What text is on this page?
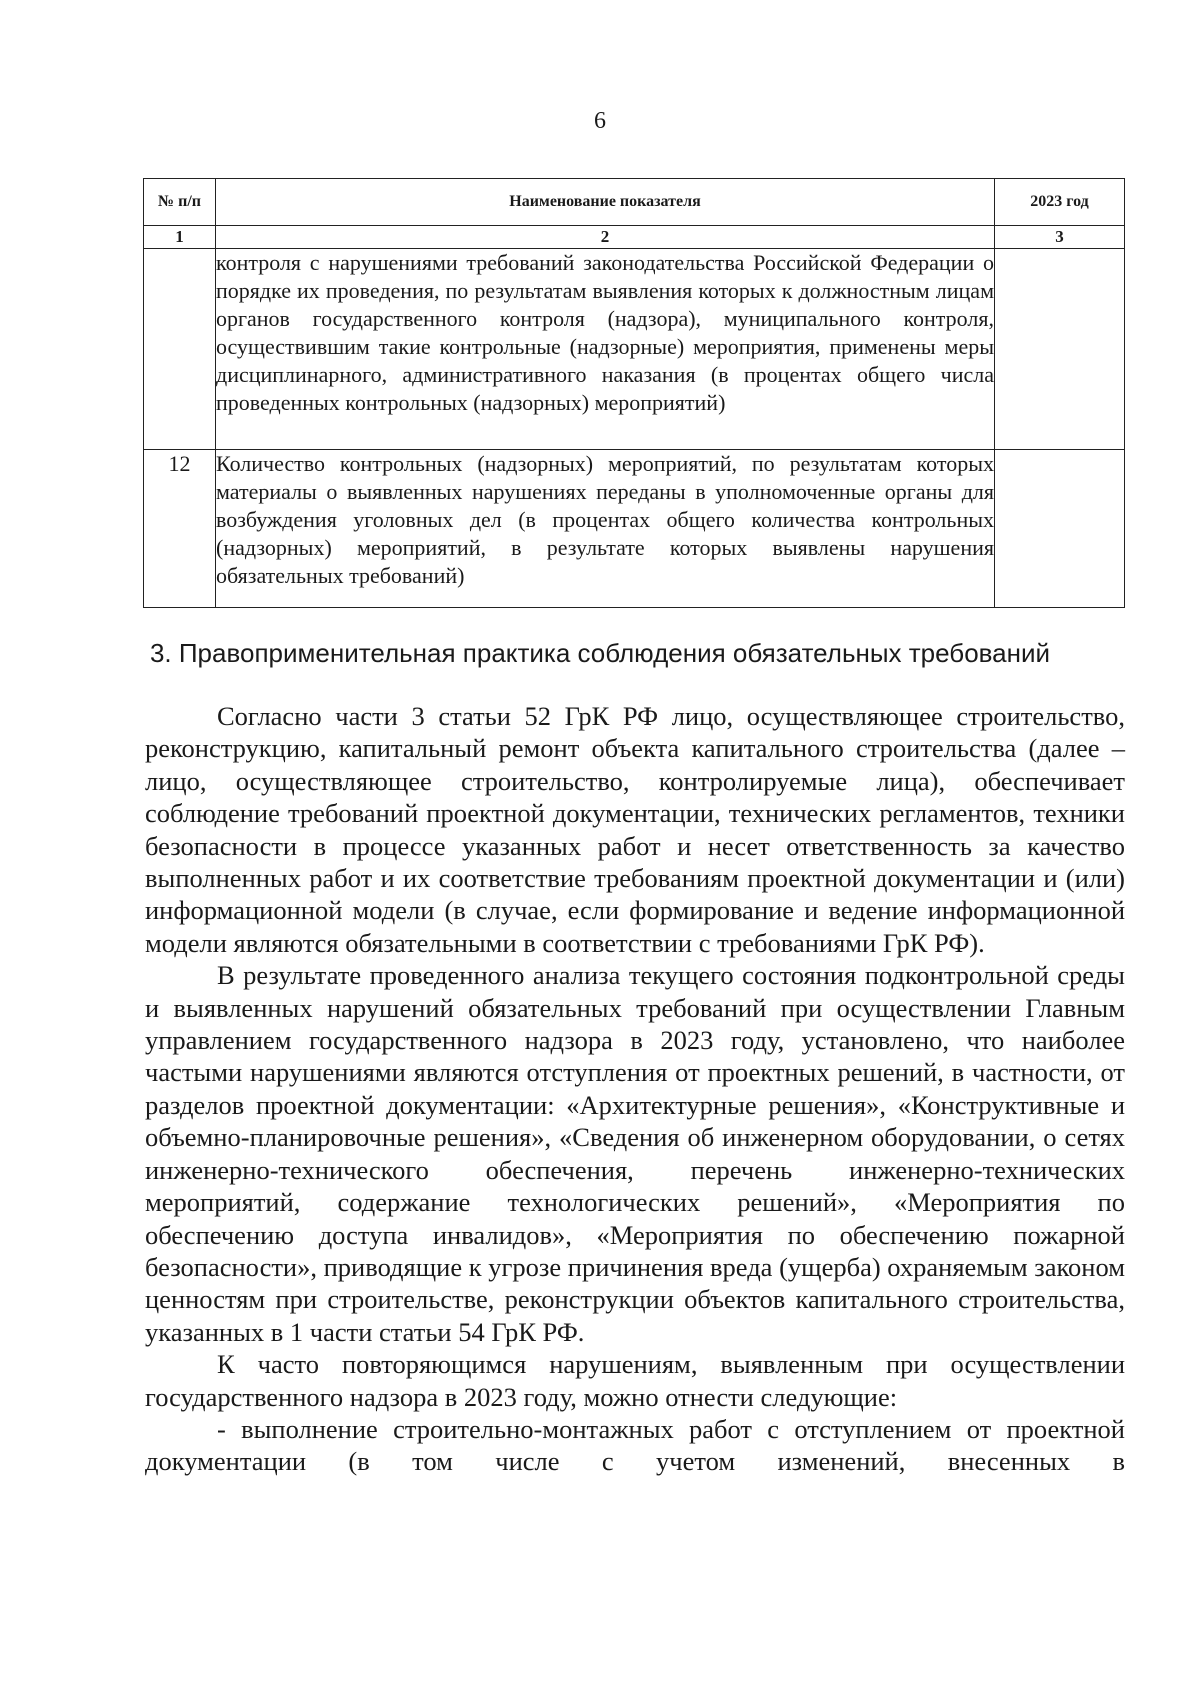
6
№ п/п	Наименование показателя	2023 год
1	2	3
	контроля с нарушениями требований законодательства Российской Федерации о порядке их проведения, по результатам выявления которых к должностным лицам органов государственного контроля (надзора), муниципального контроля, осуществившим такие контрольные (надзорные) мероприятия, применены меры дисциплинарного, административного наказания (в процентах общего числа проведенных контрольных (надзорных) мероприятий)	
12	Количество контрольных (надзорных) мероприятий, по результатам которых материалы о выявленных нарушениях переданы в уполномоченные органы для возбуждения уголовных дел (в процентах общего количества контрольных (надзорных) мероприятий, в результате которых выявлены нарушения обязательных требований)	
3. Правоприменительная практика соблюдения обязательных требований

Согласно части 3 статьи 52 ГрК РФ лицо, осуществляющее строительство, реконструкцию, капитальный ремонт объекта капитального строительства (далее – лицо, осуществляющее строительство, контролируемые лица), обеспечивает соблюдение требований проектной документации, технических регламентов, техники безопасности в процессе указанных работ и несет ответственность за качество выполненных работ и их соответствие требованиям проектной документации и (или) информационной модели (в случае, если формирование и ведение информационной модели являются обязательными в соответствии с требованиями ГрК РФ).

В результате проведенного анализа текущего состояния подконтрольной среды и выявленных нарушений обязательных требований при осуществлении Главным управлением государственного надзора в 2023 году, установлено, что наиболее частыми нарушениями являются отступления от проектных решений, в частности, от разделов проектной документации: «Архитектурные решения», «Конструктивные и объемно-планировочные решения», «Сведения об инженерном оборудовании, о сетях инженерно-технического обеспечения, перечень инженерно-технических мероприятий, содержание технологических решений», «Мероприятия по обеспечению доступа инвалидов», «Мероприятия по обеспечению пожарной безопасности», приводящие к угрозе причинения вреда (ущерба) охраняемым законом ценностям при строительстве, реконструкции объектов капитального строительства, указанных в 1 части статьи 54 ГрК РФ.

К часто повторяющимся нарушениям, выявленным при осуществлении государственного надзора в 2023 году, можно отнести следующие:

- выполнение строительно-монтажных работ с отступлением от проектной документации (в том числе с учетом изменений, внесенных в
